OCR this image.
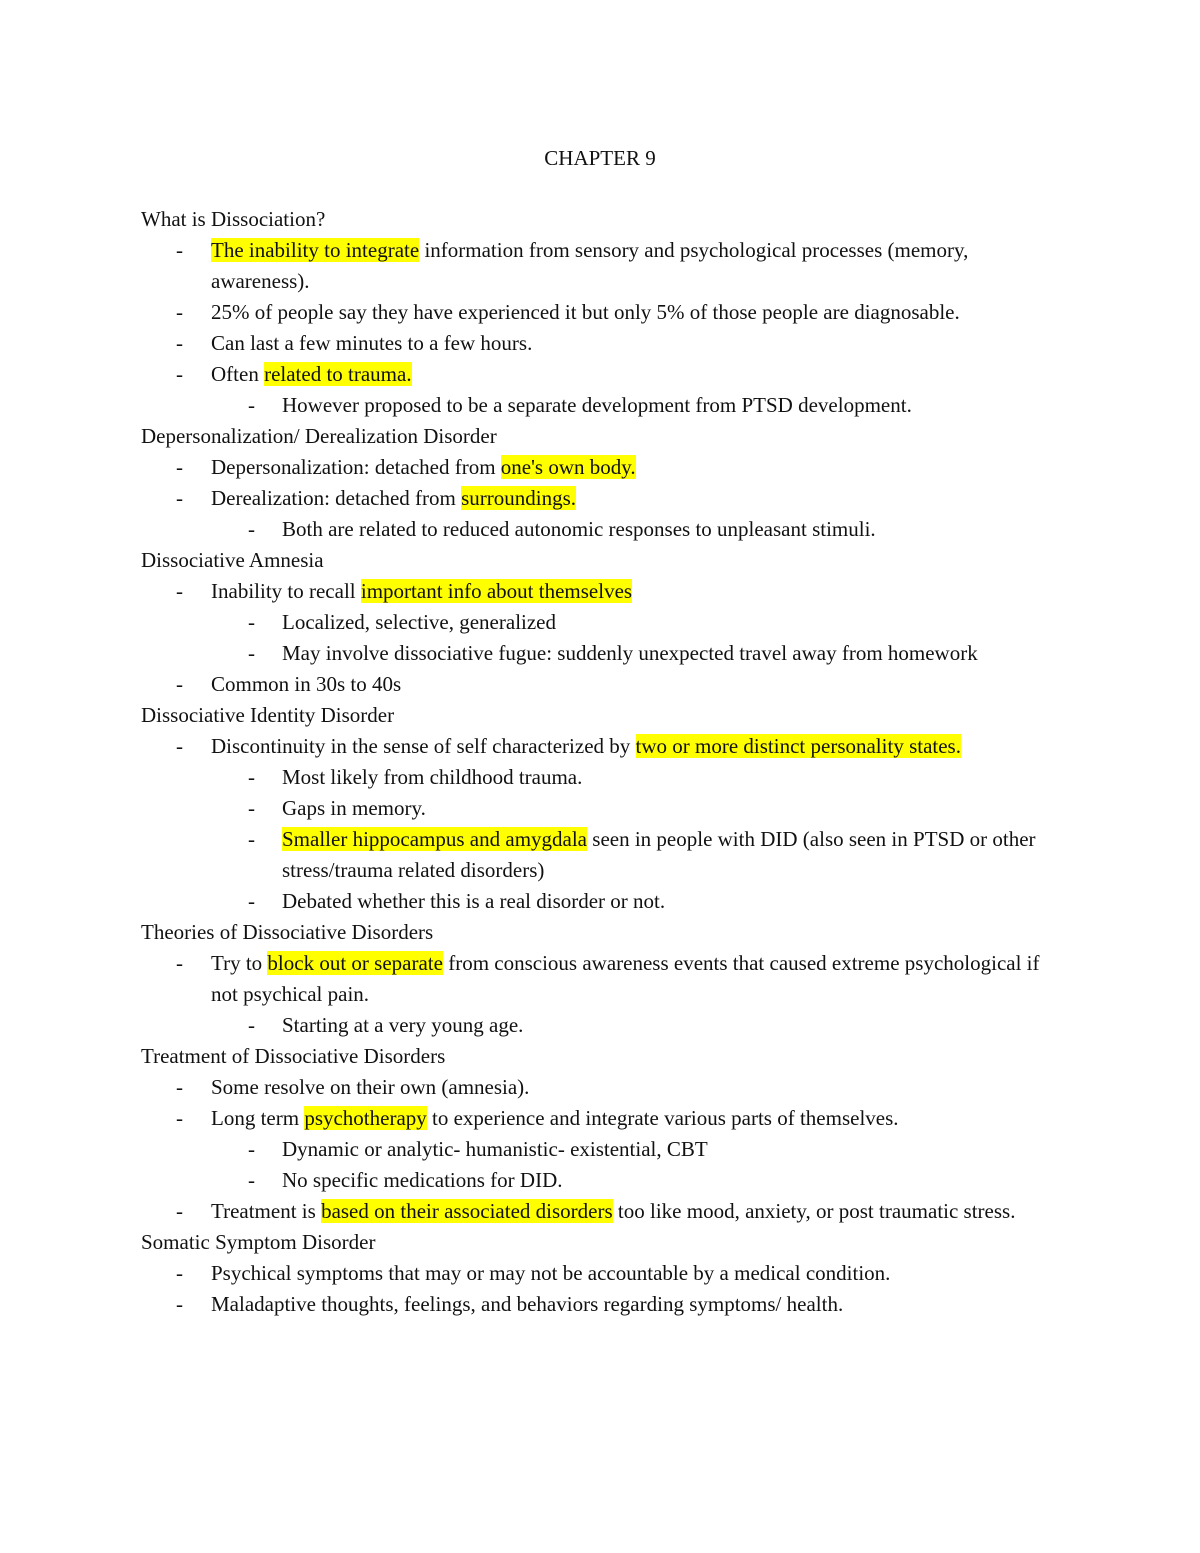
CHAPTER 9
What is Dissociation?
- The inability to integrate information from sensory and psychological processes (memory, awareness).
- 25% of people say they have experienced it but only 5% of those people are diagnosable.
- Can last a few minutes to a few hours.
- Often related to trauma.
- However proposed to be a separate development from PTSD development.
Depersonalization/ Derealization Disorder
- Depersonalization: detached from one's own body.
- Derealization: detached from surroundings.
- Both are related to reduced autonomic responses to unpleasant stimuli.
Dissociative Amnesia
- Inability to recall important info about themselves
- Localized, selective, generalized
- May involve dissociative fugue: suddenly unexpected travel away from homework
- Common in 30s to 40s
Dissociative Identity Disorder
- Discontinuity in the sense of self characterized by two or more distinct personality states.
- Most likely from childhood trauma.
- Gaps in memory.
- Smaller hippocampus and amygdala seen in people with DID (also seen in PTSD or other stress/trauma related disorders)
- Debated whether this is a real disorder or not.
Theories of Dissociative Disorders
- Try to block out or separate from conscious awareness events that caused extreme psychological if not psychical pain.
- Starting at a very young age.
Treatment of Dissociative Disorders
- Some resolve on their own (amnesia).
- Long term psychotherapy to experience and integrate various parts of themselves.
- Dynamic or analytic- humanistic- existential, CBT
- No specific medications for DID.
- Treatment is based on their associated disorders too like mood, anxiety, or post traumatic stress.
Somatic Symptom Disorder
- Psychical symptoms that may or may not be accountable by a medical condition.
- Maladaptive thoughts, feelings, and behaviors regarding symptoms/ health.
